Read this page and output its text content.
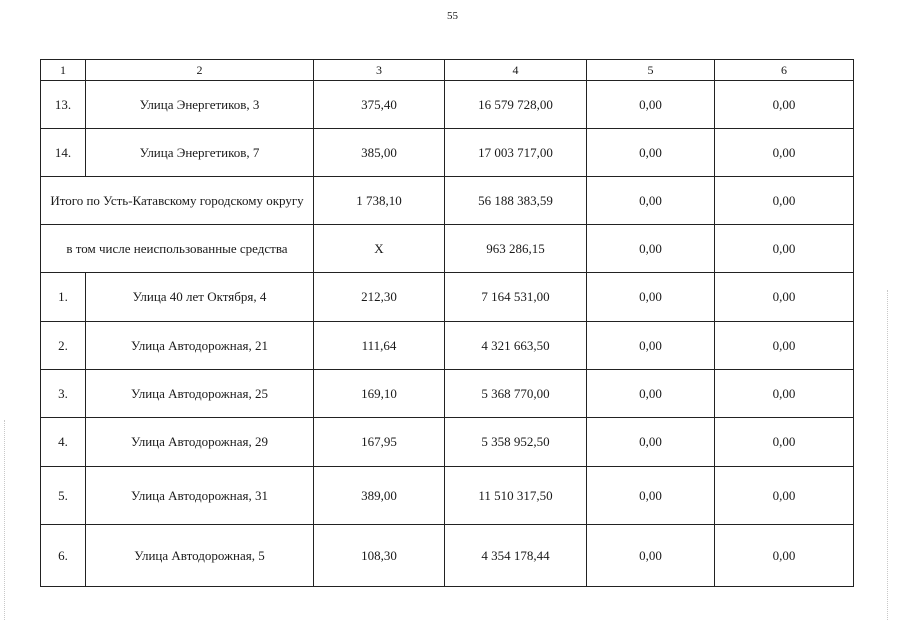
55
1	2	3	4	5	6
13.	Улица Энергетиков, 3	375,40	16 579 728,00	0,00	0,00
14.	Улица Энергетиков, 7	385,00	17 003 717,00	0,00	0,00
Итого по Усть-Катавскому городскому округу		1 738,10	56 188 383,59	0,00	0,00
в том числе неиспользованные средства		X	963 286,15	0,00	0,00
1.	Улица 40 лет Октября, 4	212,30	7 164 531,00	0,00	0,00
2.	Улица Автодорожная, 21	111,64	4 321 663,50	0,00	0,00
3.	Улица Автодорожная, 25	169,10	5 368 770,00	0,00	0,00
4.	Улица Автодорожная, 29	167,95	5 358 952,50	0,00	0,00
5.	Улица Автодорожная, 31	389,00	11 510 317,50	0,00	0,00
6.	Улица Автодорожная, 5	108,30	4 354 178,44	0,00	0,00
